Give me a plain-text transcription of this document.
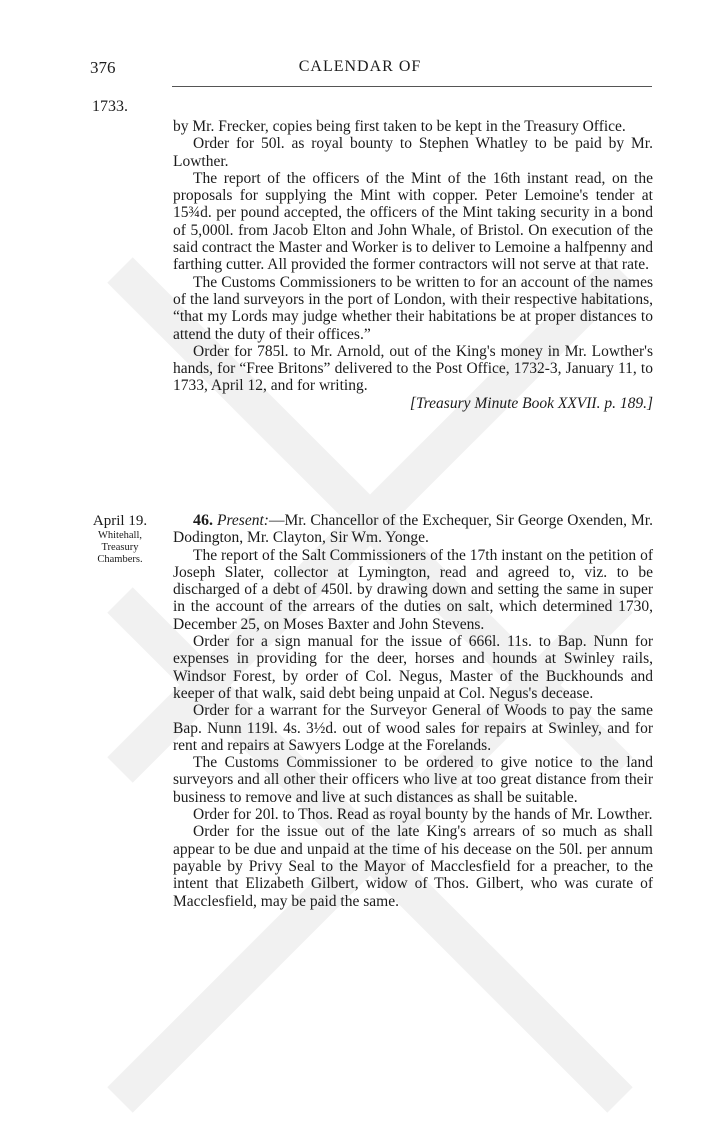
376	CALENDAR OF
1733.

by Mr. Frecker, copies being first taken to be kept in the Treasury Office.

Order for 50l. as royal bounty to Stephen Whatley to be paid by Mr. Lowther.

The report of the officers of the Mint of the 16th instant read, on the proposals for supplying the Mint with copper. Peter Lemoine's tender at 15¾d. per pound accepted, the officers of the Mint taking security in a bond of 5,000l. from Jacob Elton and John Whale, of Bristol. On execution of the said contract the Master and Worker is to deliver to Lemoine a halfpenny and farthing cutter. All provided the former contractors will not serve at that rate.

The Customs Commissioners to be written to for an account of the names of the land surveyors in the port of London, with their respective habitations, “that my Lords may judge whether their habitations be at proper distances to attend the duty of their offices.”

Order for 785l. to Mr. Arnold, out of the King's money in Mr. Lowther's hands, for “Free Britons” delivered to the Post Office, 1732-3, January 11, to 1733, April 12, and for writing.

[Treasury Minute Book XXVII. p. 189.]

April 19.
Whitehall,
Treasury
Chambers.

46. Present:—Mr. Chancellor of the Exchequer, Sir George Oxenden, Mr. Dodington, Mr. Clayton, Sir Wm. Yonge.

The report of the Salt Commissioners of the 17th instant on the petition of Joseph Slater, collector at Lymington, read and agreed to, viz. to be discharged of a debt of 450l. by drawing down and setting the same in super in the account of the arrears of the duties on salt, which determined 1730, December 25, on Moses Baxter and John Stevens.

Order for a sign manual for the issue of 666l. 11s. to Bap. Nunn for expenses in providing for the deer, horses and hounds at Swinley rails, Windsor Forest, by order of Col. Negus, Master of the Buckhounds and keeper of that walk, said debt being unpaid at Col. Negus's decease.

Order for a warrant for the Surveyor General of Woods to pay the same Bap. Nunn 119l. 4s. 3½d. out of wood sales for repairs at Swinley, and for rent and repairs at Sawyers Lodge at the Forelands.

The Customs Commissioner to be ordered to give notice to the land surveyors and all other their officers who live at too great distance from their business to remove and live at such distances as shall be suitable.

Order for 20l. to Thos. Read as royal bounty by the hands of Mr. Lowther.

Order for the issue out of the late King's arrears of so much as shall appear to be due and unpaid at the time of his decease on the 50l. per annum payable by Privy Seal to the Mayor of Macclesfield for a preacher, to the intent that Elizabeth Gilbert, widow of Thos. Gilbert, who was curate of Macclesfield, may be paid the same.
